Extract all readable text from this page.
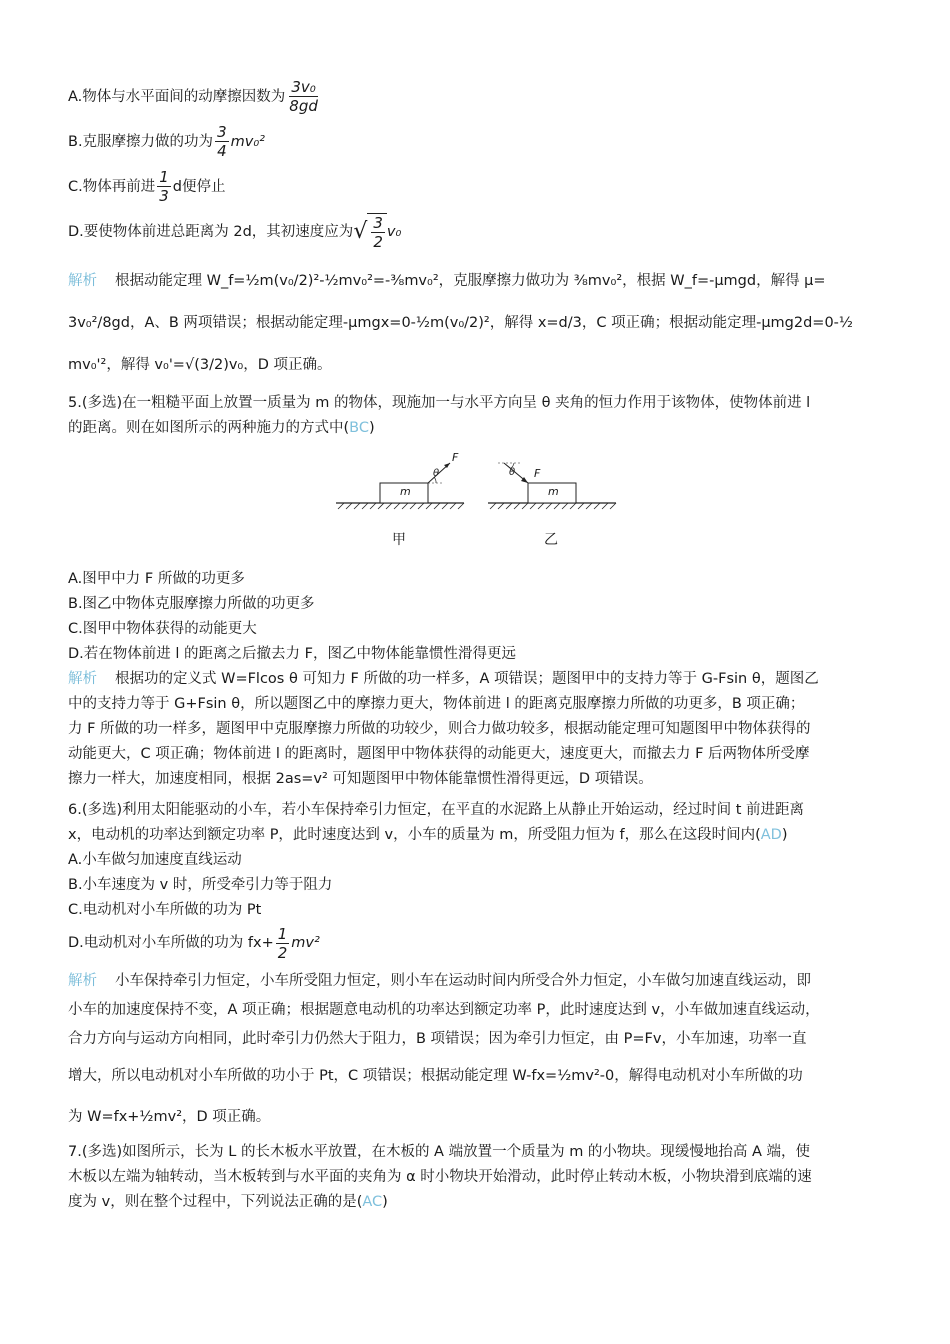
A.物体与水平面间的动摩擦因数为 $\frac{\text{3v₀}}{8gd}$
B.克服摩擦力做的功为 $\frac{3}{4} mv_0^2$
C.物体再前进 $\frac{1}{3}$ d便停止
D.要使物体前进总距离为 2d，其初速度应为 √ $\frac{3}{2} v_0$
解析 根据动能定理 W_f=½m(v₀/2)²-½mv₀²=-⅜mv₀²，克服摩擦力做功为 ⅜mv₀²，根据 W_f=-μmgd，解得 μ=
3v₀²/8gd，A、B 两项错误；根据动能定理-μmgx=0-½m(v₀/2)²，解得 x=d/3，C 项正确；根据动能定理-μmg2d=0-½
mv₀'²，解得 v₀'=√(3/2)v₀，D 项正确。
5.(多选)在一粗糙平面上放置一质量为 m 的物体，现施加一与水平方向呈 θ 夹角的恒力作用于该物体，使物体前进 l
的距离。则在如图所示的两种施力的方式中(BC)
m	m
F
F
θ	θ
甲	乙
A.图甲中力 F 所做的功更多
B.图乙中物体克服摩擦力所做的功更多
C.图甲中物体获得的动能更大
D.若在物体前进 l 的距离之后撤去力 F，图乙中物体能靠惯性滑得更远
解析 根据功的定义式 W=Flcos θ 可知力 F 所做的功一样多，A 项错误；题图甲中的支持力等于 G-Fsin θ，题图乙
中的支持力等于 G+Fsin θ，所以题图乙中的摩擦力更大，物体前进 l 的距离克服摩擦力所做的功更多，B 项正确；
力 F 所做的功一样多，题图甲中克服摩擦力所做的功较少，则合力做功较多，根据动能定理可知题图甲中物体获得的
动能更大，C 项正确；物体前进 l 的距离时，题图甲中物体获得的动能更大，速度更大，而撤去力 F 后两物体所受摩
擦力一样大，加速度相同，根据 2as=v² 可知题图甲中物体能靠惯性滑得更远，D 项错误。
6.(多选)利用太阳能驱动的小车，若小车保持牵引力恒定，在平直的水泥路上从静止开始运动，经过时间 t 前进距离
x，电动机的功率达到额定功率 P，此时速度达到 v，小车的质量为 m，所受阻力恒为 f，那么在这段时间内(AD)
A.小车做匀加速度直线运动
B.小车速度为 v 时，所受牵引力等于阻力
C.电动机对小车所做的功为 Pt
D.电动机对小车所做的功为 $fx+ \frac{1}{2} mv^2$
解析 小车保持牵引力恒定，小车所受阻力恒定，则小车在运动时间内所受合外力恒定，小车做匀加速直线运动，即
小车的加速度保持不变，A 项正确；根据题意电动机的功率达到额定功率 P，此时速度达到 v，小车做加速直线运动，
合力方向与运动方向相同，此时牵引力仍然大于阻力，B 项错误；因为牵引力恒定，由 P=Fv，小车加速，功率一直
增大，所以电动机对小车所做的功小于 Pt，C 项错误；根据动能定理 W-fx=½mv²-0，解得电动机对小车所做的功
为 W=fx+½mv²，D 项正确。
7.(多选)如图所示，长为 L 的长木板水平放置，在木板的 A 端放置一个质量为 m 的小物块。现缓慢地抬高 A 端，使
木板以左端为轴转动，当木板转到与水平面的夹角为 α 时小物块开始滑动，此时停止转动木板，小物块滑到底端的速
度为 v，则在整个过程中，下列说法正确的是(AC)
